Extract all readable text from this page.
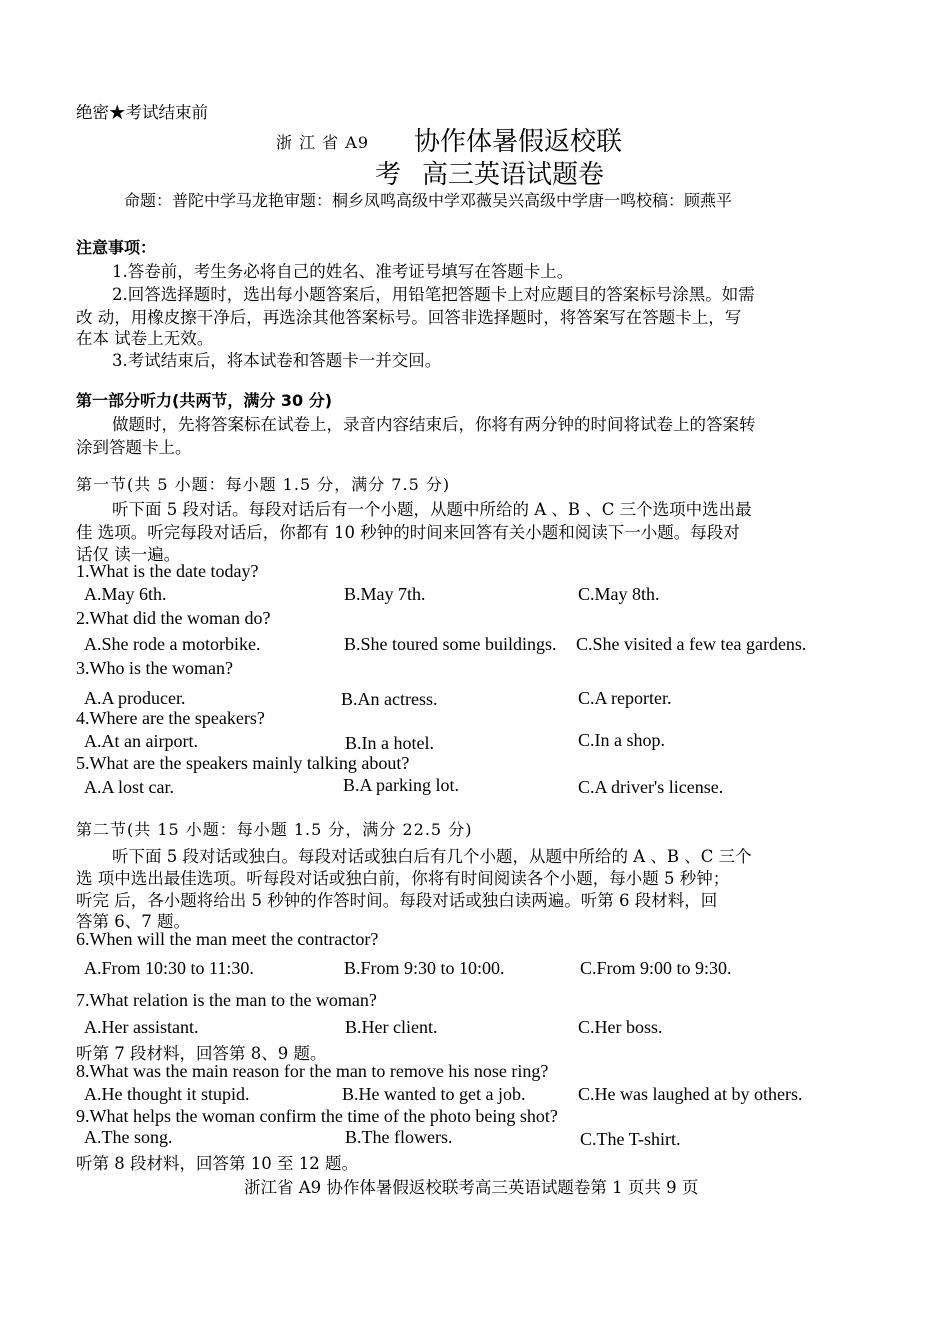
绝密★考试结束前
浙 江 省 A9 协作体暑假返校联
考 高三英语试题卷
命题：普陀中学马龙艳审题：桐乡凤鸣高级中学邓薇吴兴高级中学唐一鸣校稿：顾燕平
注意事项：
1.答卷前，考生务必将自己的姓名、准考证号填写在答题卡上。
2.回答选择题时，选出每小题答案后，用铅笔把答题卡上对应题目的答案标号涂黑。如需
改 动，用橡皮擦干净后，再选涂其他答案标号。回答非选择题时，将答案写在答题卡上，写
在本 试卷上无效。
3.考试结束后，将本试卷和答题卡一并交回。
第一部分听力(共两节，满分 30 分)
做题时，先将答案标在试卷上，录音内容结束后，你将有两分钟的时间将试卷上的答案转
涂到答题卡上。
第一节(共 5 小题：每小题 1.5 分，满分 7.5 分)
听下面 5 段对话。每段对话后有一个小题，从题中所给的 A 、B 、C 三个选项中选出最
佳 选项。听完每段对话后，你都有 10 秒钟的时间来回答有关小题和阅读下一小题。每段对
话仅 读一遍。
1.What is the date today?
A.May 6th.	B.May 7th.	C.May 8th.
2.What did the woman do?
A.She rode a motorbike.	B.She toured some buildings. C.She visited a few tea gardens.
3.Who is the woman?
A.A producer.	B.An actress.	C.A reporter.
4.Where are the speakers?
A.At an airport.	B.In a hotel.	C.In a shop.
5.What are the speakers mainly talking about?
A.A lost car.	B.A parking lot.	C.A driver's license.
第二节(共 15 小题：每小题 1.5 分，满分 22.5 分)
听下面 5 段对话或独白。每段对话或独白后有几个小题，从题中所给的 A 、B 、C 三个
选 项中选出最佳选项。听每段对话或独白前，你将有时间阅读各个小题，每小题 5 秒钟；
听完 后，各小题将给出 5 秒钟的作答时间。每段对话或独白读两遍。听第 6 段材料，回
答第 6、7 题。
6.When will the man meet the contractor?
A.From 10:30 to 11:30.	B.From 9:30 to 10:00.	C.From 9:00 to 9:30.
7.What relation is the man to the woman?
A.Her assistant.	B.Her client.	C.Her boss.
听第 7 段材料，回答第 8、9 题。
8.What was the main reason for the man to remove his nose ring?
A.He thought it stupid.	B.He wanted to get a job.	C.He was laughed at by others.
9.What helps the woman confirm the time of the photo being shot?
A.The song.	B.The flowers.	C.The T-shirt.
听第 8 段材料，回答第 10 至 12 题。
浙江省 A9 协作体暑假返校联考高三英语试题卷第 1 页共 9 页
